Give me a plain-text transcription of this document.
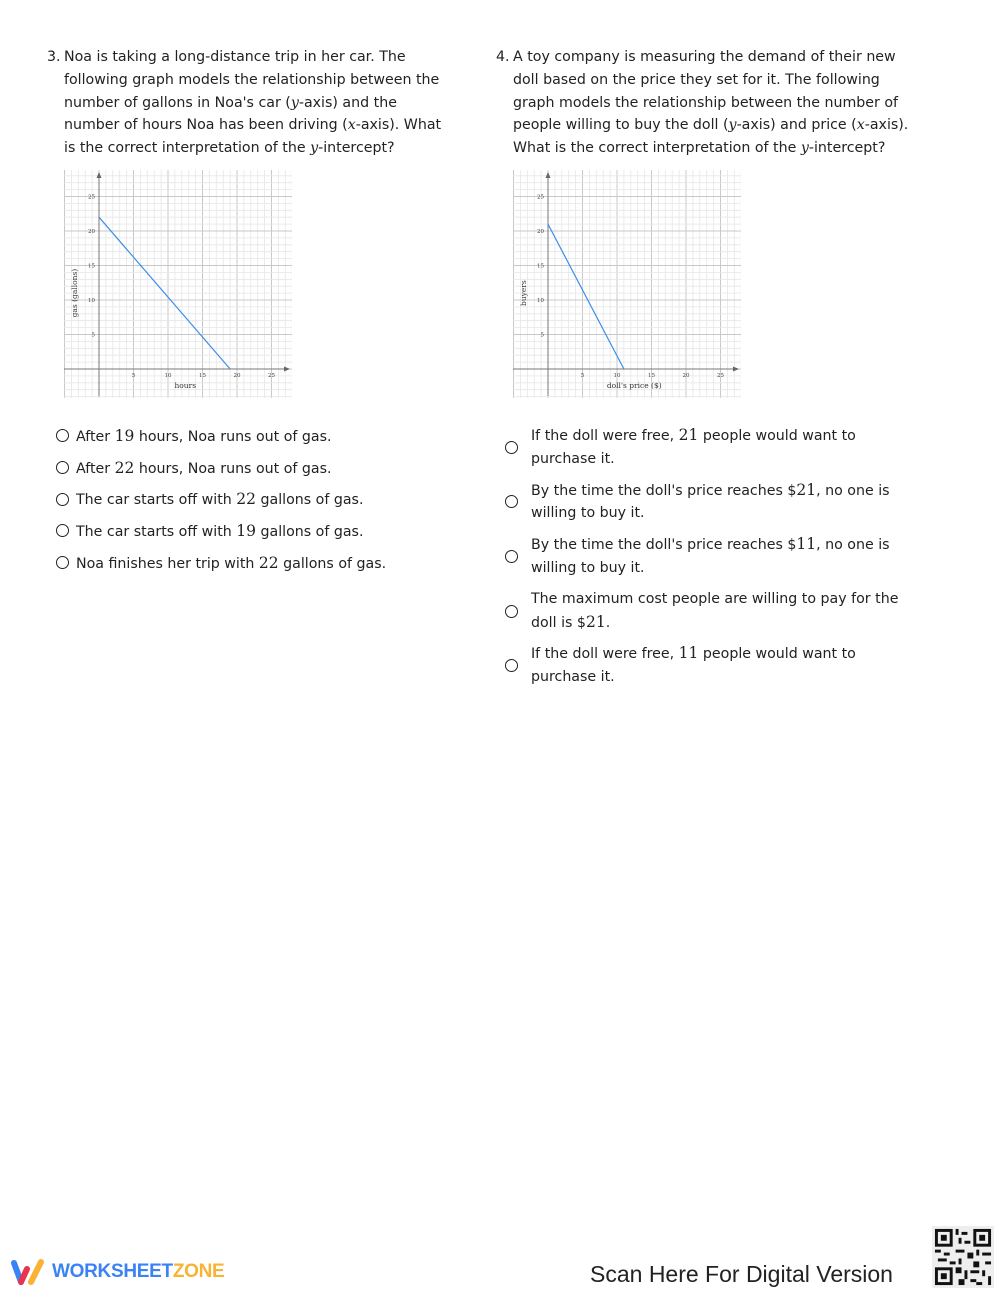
3. Noa is taking a long-distance trip in her car. The following graph models the relationship between the number of gallons in Noa's car (y-axis) and the number of hours Noa has been driving (x-axis). What is the correct interpretation of the y-intercept?
5	10	15	20	25
5
10
15
20
25
hours
gas (gallons)
After 19 hours, Noa runs out of gas.
After 22 hours, Noa runs out of gas.
The car starts off with 22 gallons of gas.
The car starts off with 19 gallons of gas.
Noa finishes her trip with 22 gallons of gas.
4. A toy company is measuring the demand of their new doll based on the price they set for it. The following graph models the relationship between the number of people willing to buy the doll (y-axis) and price (x-axis). What is the correct interpretation of the y-intercept?
5	10	15	20	25
5
10
15
20
25
doll's price ($)
buyers
If the doll were free, 21 people would want to purchase it.
By the time the doll's price reaches $21, no one is willing to buy it.
By the time the doll's price reaches $11, no one is willing to buy it.
The maximum cost people are willing to pay for the doll is $21.
If the doll were free, 11 people would want to purchase it.
WORKSHEETZONE	Scan Here For Digital Version
